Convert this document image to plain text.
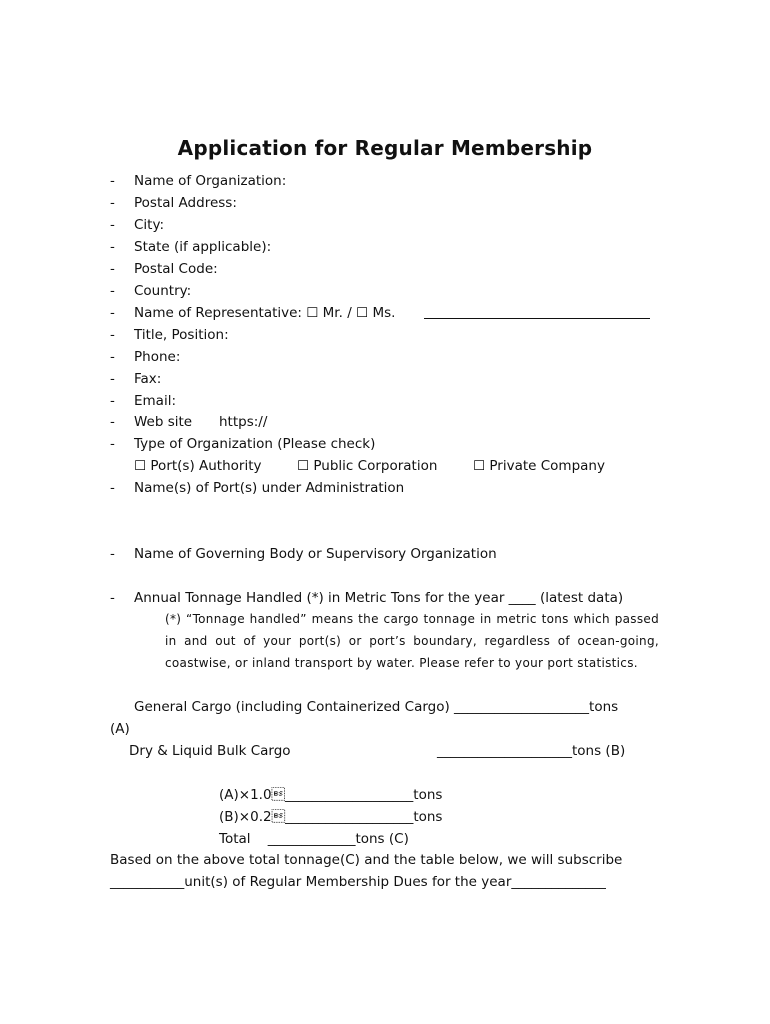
Application for Regular Membership
- Name of Organization:
- Postal Address:
- City:
- State (if applicable):
- Postal Code:
- Country:
- Name of Representative: ☐ Mr. / ☐ Ms.
- Title, Position:
- Phone:
- Fax:
- Email:
- Web site https://
- Type of Organization (Please check)
☐ Port(s) Authority	☐ Public Corporation	☐ Private Company
- Name(s) of Port(s) under Administration
- Name of Governing Body or Supervisory Organization
- Annual Tonnage Handled (*) in Metric Tons for the year ____ (latest data)
(*) “Tonnage handled” means the cargo tonnage in metric tons which passed in and out of your port(s) or port’s boundary, regardless of ocean-going, coastwise, or inland transport by water. Please refer to your port statistics.
General Cargo (including Containerized Cargo) ____________________tons
(A)
Dry & Liquid Bulk Cargo	____________________tons (B)
(A)×1.0___________________tons
(B)×0.2___________________tons
Total    _____________tons (C)
Based on the above total tonnage(C) and the table below, we will subscribe
___________unit(s) of Regular Membership Dues for the year______________
